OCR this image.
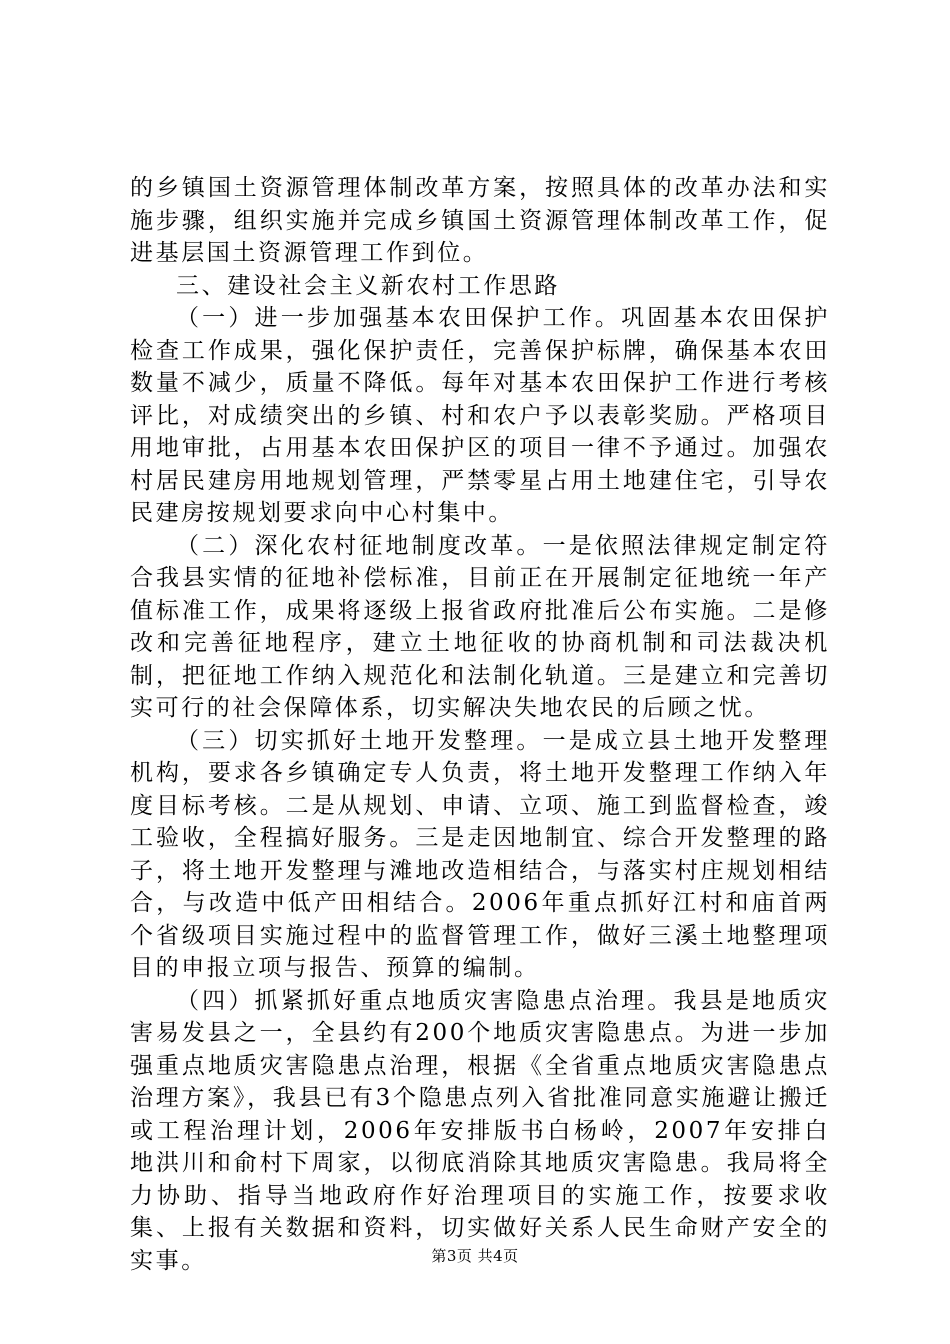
的乡镇国土资源管理体制改革方案，按照具体的改革办法和实施步骤，组织实施并完成乡镇国土资源管理体制改革工作，促进基层国土资源管理工作到位。

三、建设社会主义新农村工作思路

（一）进一步加强基本农田保护工作。巩固基本农田保护检查工作成果，强化保护责任，完善保护标牌，确保基本农田数量不减少，质量不降低。每年对基本农田保护工作进行考核评比，对成绩突出的乡镇、村和农户予以表彰奖励。严格项目用地审批，占用基本农田保护区的项目一律不予通过。加强农村居民建房用地规划管理，严禁零星占用土地建住宅，引导农民建房按规划要求向中心村集中。

（二）深化农村征地制度改革。一是依照法律规定制定符合我县实情的征地补偿标准，目前正在开展制定征地统一年产值标准工作，成果将逐级上报省政府批准后公布实施。二是修改和完善征地程序，建立土地征收的协商机制和司法裁决机制，把征地工作纳入规范化和法制化轨道。三是建立和完善切实可行的社会保障体系，切实解决失地农民的后顾之忧。

（三）切实抓好土地开发整理。一是成立县土地开发整理机构，要求各乡镇确定专人负责，将土地开发整理工作纳入年度目标考核。二是从规划、申请、立项、施工到监督检查，竣工验收，全程搞好服务。三是走因地制宜、综合开发整理的路子，将土地开发整理与滩地改造相结合，与落实村庄规划相结合，与改造中低产田相结合。2006年重点抓好江村和庙首两个省级项目实施过程中的监督管理工作，做好三溪土地整理项目的申报立项与报告、预算的编制。

（四）抓紧抓好重点地质灾害隐患点治理。我县是地质灾害易发县之一，全县约有200个地质灾害隐患点。为进一步加强重点地质灾害隐患点治理，根据《全省重点地质灾害隐患点治理方案》，我县已有3个隐患点列入省批准同意实施避让搬迁或工程治理计划，2006年安排版书白杨岭，2007年安排白地洪川和俞村下周家，以彻底消除其地质灾害隐患。我局将全力协助、指导当地政府作好治理项目的实施工作，按要求收集、上报有关数据和资料，切实做好关系人民生命财产安全的实事。	第3页 共4页
